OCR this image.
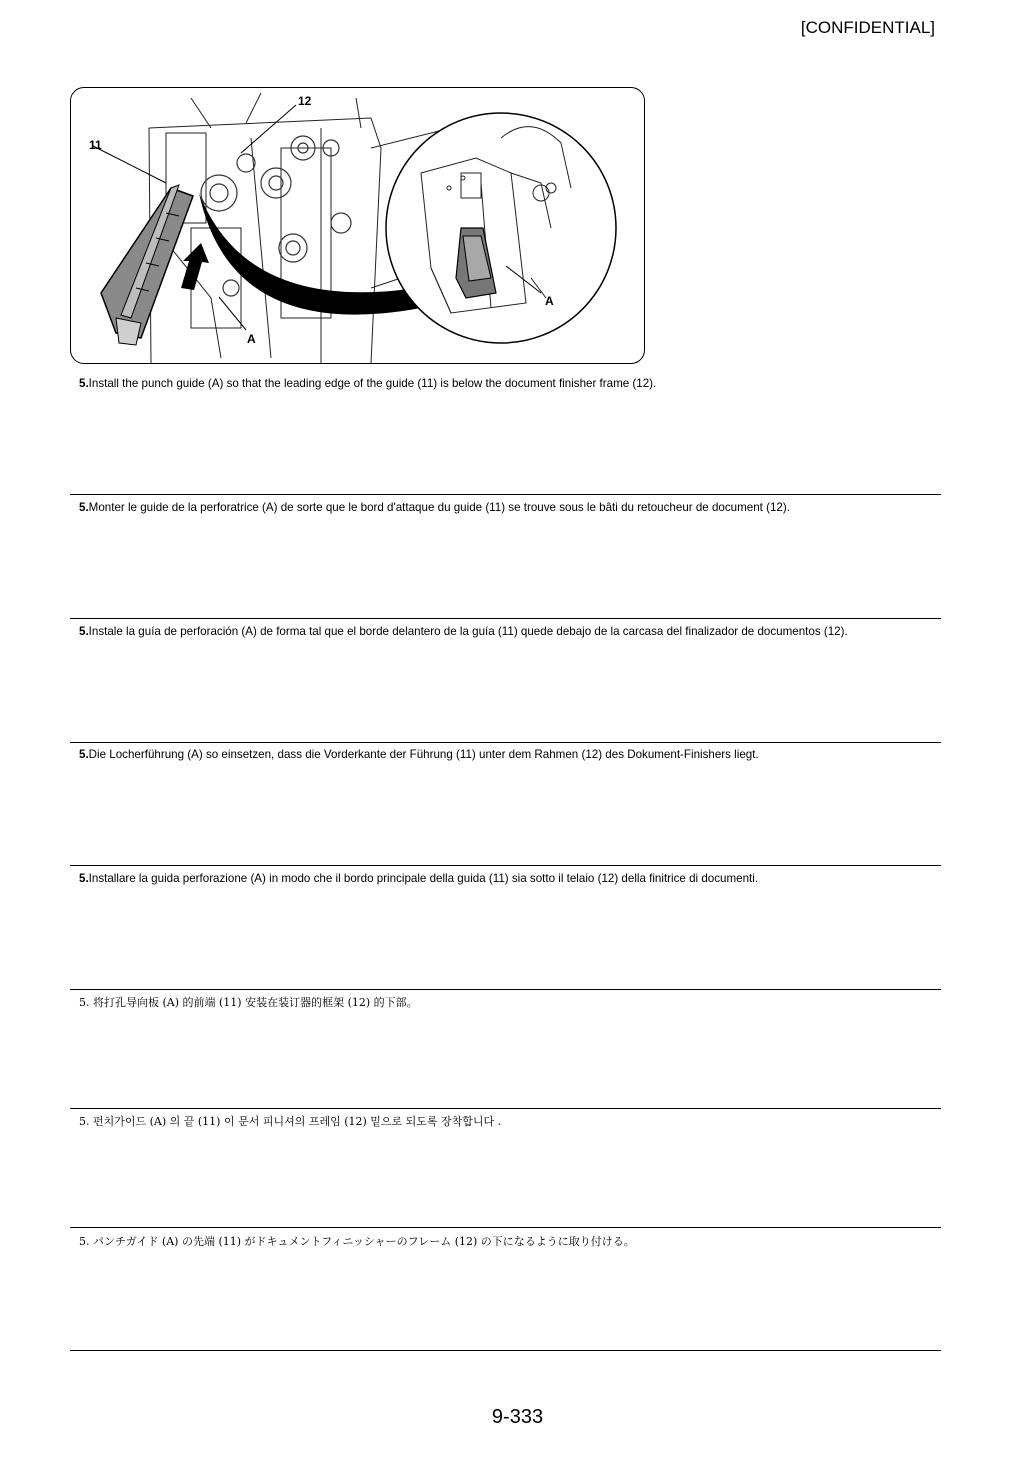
[CONFIDENTIAL]
11
12
A
A

5.Install the punch guide (A) so that the leading edge of the guide (11) is below the document finisher frame (12).

5.Monter le guide de la perforatrice (A) de sorte que le bord d'attaque du guide (11) se trouve sous le bâti du retoucheur de document (12).

5.Instale la guía de perforación (A) de forma tal que el borde delantero de la guía (11) quede debajo de la carcasa del finalizador de documentos (12).

5.Die Locherführung (A) so einsetzen, dass die Vorderkante der Führung (11) unter dem Rahmen (12) des Dokument-Finishers liegt.

5.Installare la guida perforazione (A) in modo che il bordo principale della guida (11) sia sotto il telaio (12) della finitrice di documenti.

5. 将打孔导向板 (A) 的前端 (11) 安装在装订器的框架 (12) 的下部。

5. 펀치가이드 (A) 의 끝 (11) 이 문서 피니셔의 프레임 (12) 밑으로 되도록 장착합니다 .

5. パンチガイド (A) の先端 (11) がドキュメントフィニッシャーのフレーム (12) の下になるように取り付ける。

9-333
